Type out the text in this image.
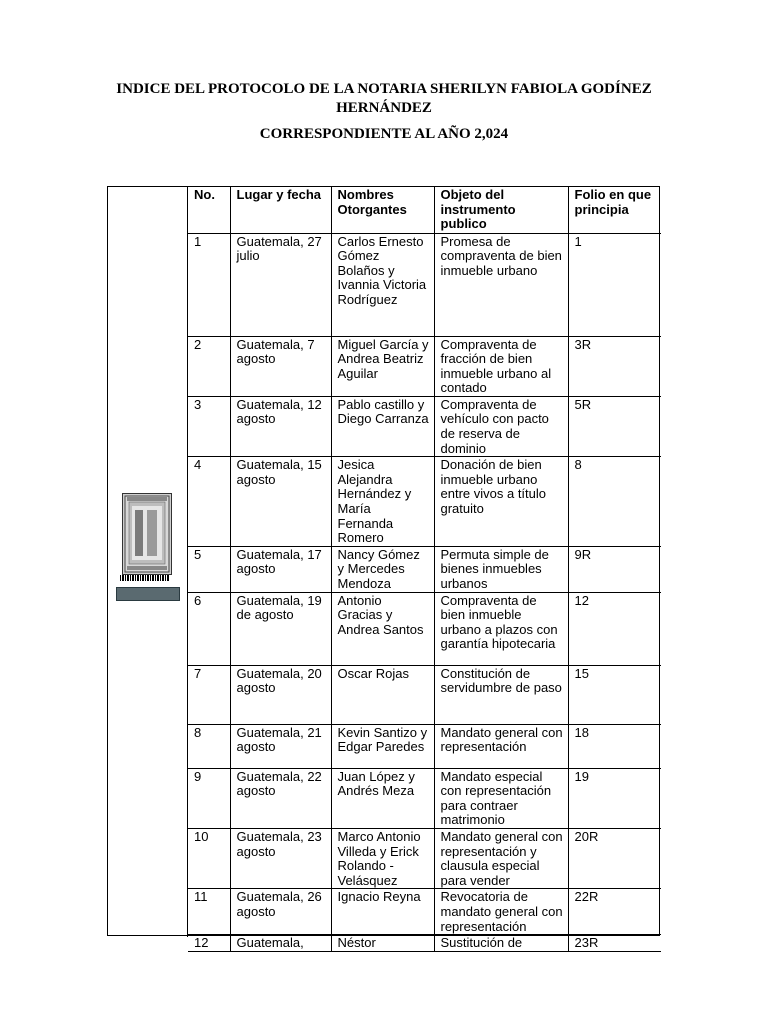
INDICE DEL PROTOCOLO DE LA NOTARIA SHERILYN FABIOLA GODÍNEZ
HERNÁNDEZ
CORRESPONDIENTE AL AÑO 2,024
No.	Lugar y fecha	Nombres Otorgantes	Objeto del instrumento publico	Folio en que principia
1	Guatemala, 27 julio	Carlos Ernesto Gómez Bolaños y Ivannia Victoria Rodríguez	Promesa de compraventa de bien inmueble urbano	1
2	Guatemala, 7 agosto	Miguel García y Andrea Beatriz Aguilar	Compraventa de fracción de bien inmueble urbano al contado	3R
3	Guatemala, 12 agosto	Pablo castillo y Diego Carranza	Compraventa de vehículo con pacto de reserva de dominio	5R
4	Guatemala, 15 agosto	Jesica Alejandra Hernández y María Fernanda Romero	Donación de bien inmueble urbano entre vivos a título gratuito	8
5	Guatemala, 17 agosto	Nancy Gómez y Mercedes Mendoza	Permuta simple de bienes inmuebles urbanos	9R
6	Guatemala, 19 de agosto	Antonio Gracias y Andrea Santos	Compraventa de bien inmueble urbano a plazos con garantía hipotecaria	12
7	Guatemala, 20 agosto	Oscar Rojas	Constitución de servidumbre de paso	15
8	Guatemala, 21 agosto	Kevin Santizo y Edgar Paredes	Mandato general con representación	18
9	Guatemala, 22 agosto	Juan López y Andrés Meza	Mandato especial con representación para contraer matrimonio	19
10	Guatemala, 23 agosto	Marco Antonio Villeda y Erick Rolando - Velásquez	Mandato general con representación y clausula especial para vender	20R
11	Guatemala, 26 agosto	Ignacio Reyna	Revocatoria de mandato general con representación	22R
12	Guatemala,	Néstor	Sustitución de	23R
